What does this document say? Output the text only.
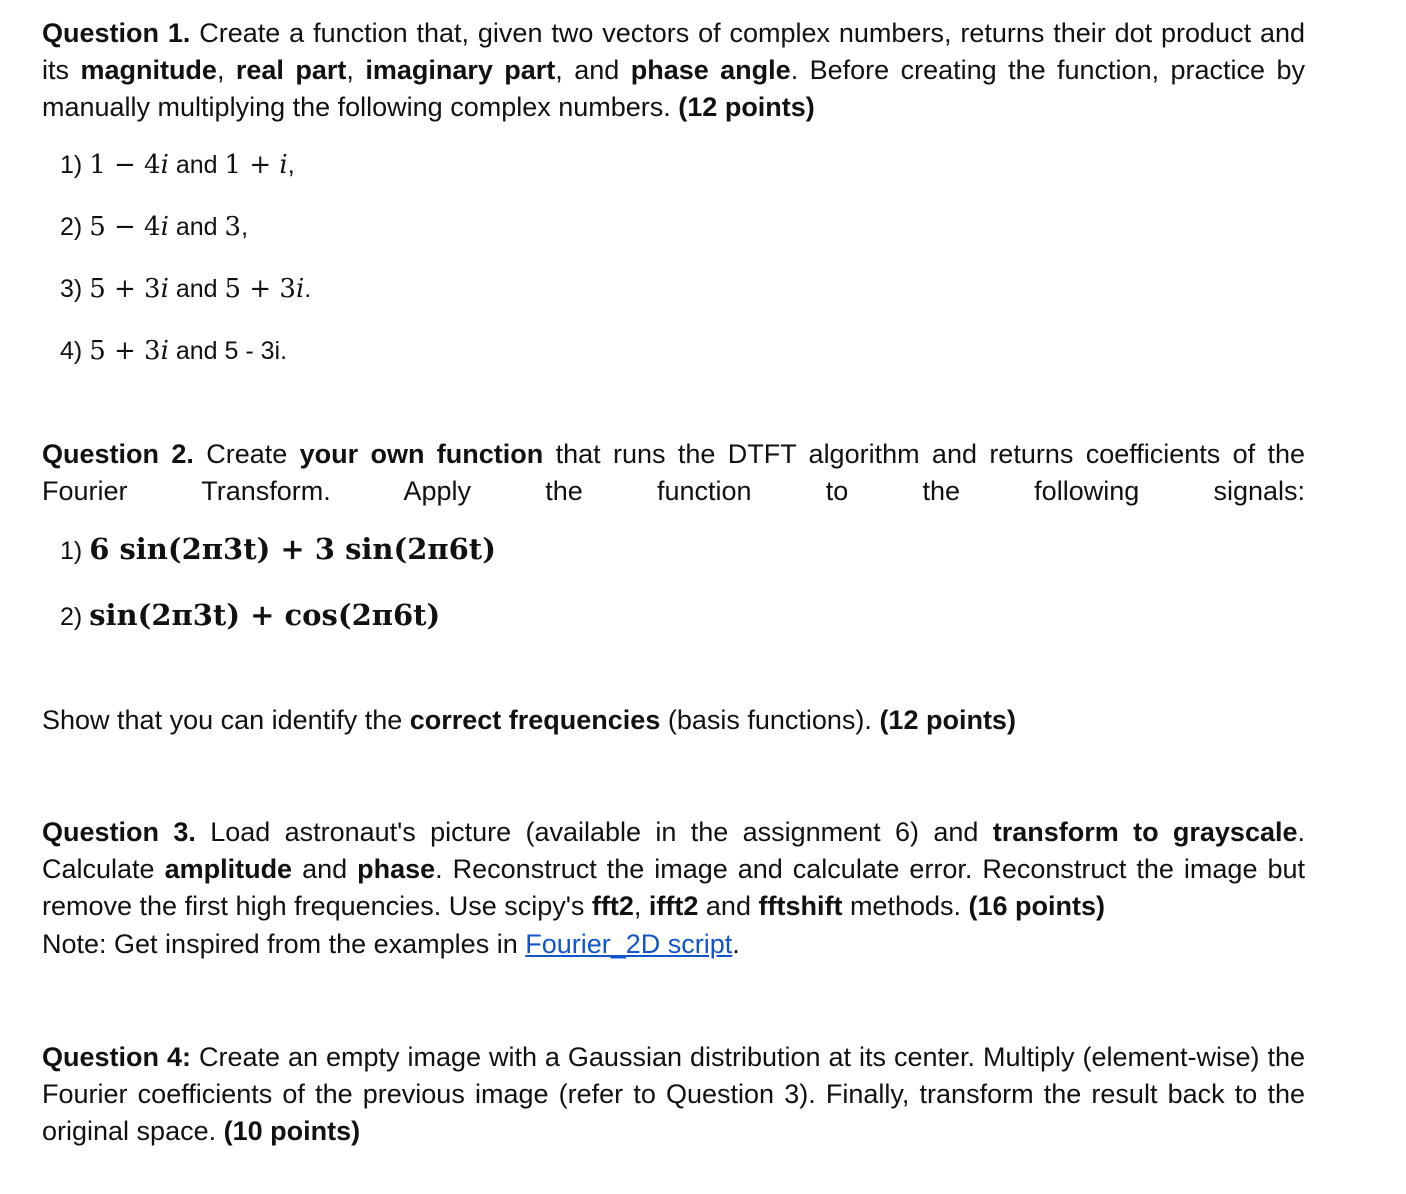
Question 1. Create a function that, given two vectors of complex numbers, returns their dot product and its magnitude, real part, imaginary part, and phase angle. Before creating the function, practice by manually multiplying the following complex numbers. (12 points)
1) 1 − 4i and 1 + i,
2) 5 − 4i and 3,
3) 5 + 3i and 5 + 3i.
4) 5 + 3i and 5 - 3i.
Question 2. Create your own function that runs the DTFT algorithm and returns coefficients of the Fourier Transform. Apply the function to the following signals:
1) 6 sin(2π3t) + 3 sin(2π6t)
2) sin(2π3t) + cos(2π6t)
Show that you can identify the correct frequencies (basis functions). (12 points)
Question 3. Load astronaut's picture (available in the assignment 6) and transform to grayscale. Calculate amplitude and phase. Reconstruct the image and calculate error. Reconstruct the image but remove the first high frequencies. Use scipy's fft2, ifft2 and fftshift methods. (16 points)
Note: Get inspired from the examples in Fourier_2D script.
Question 4: Create an empty image with a Gaussian distribution at its center. Multiply (element-wise) the Fourier coefficients of the previous image (refer to Question 3). Finally, transform the result back to the original space. (10 points)
